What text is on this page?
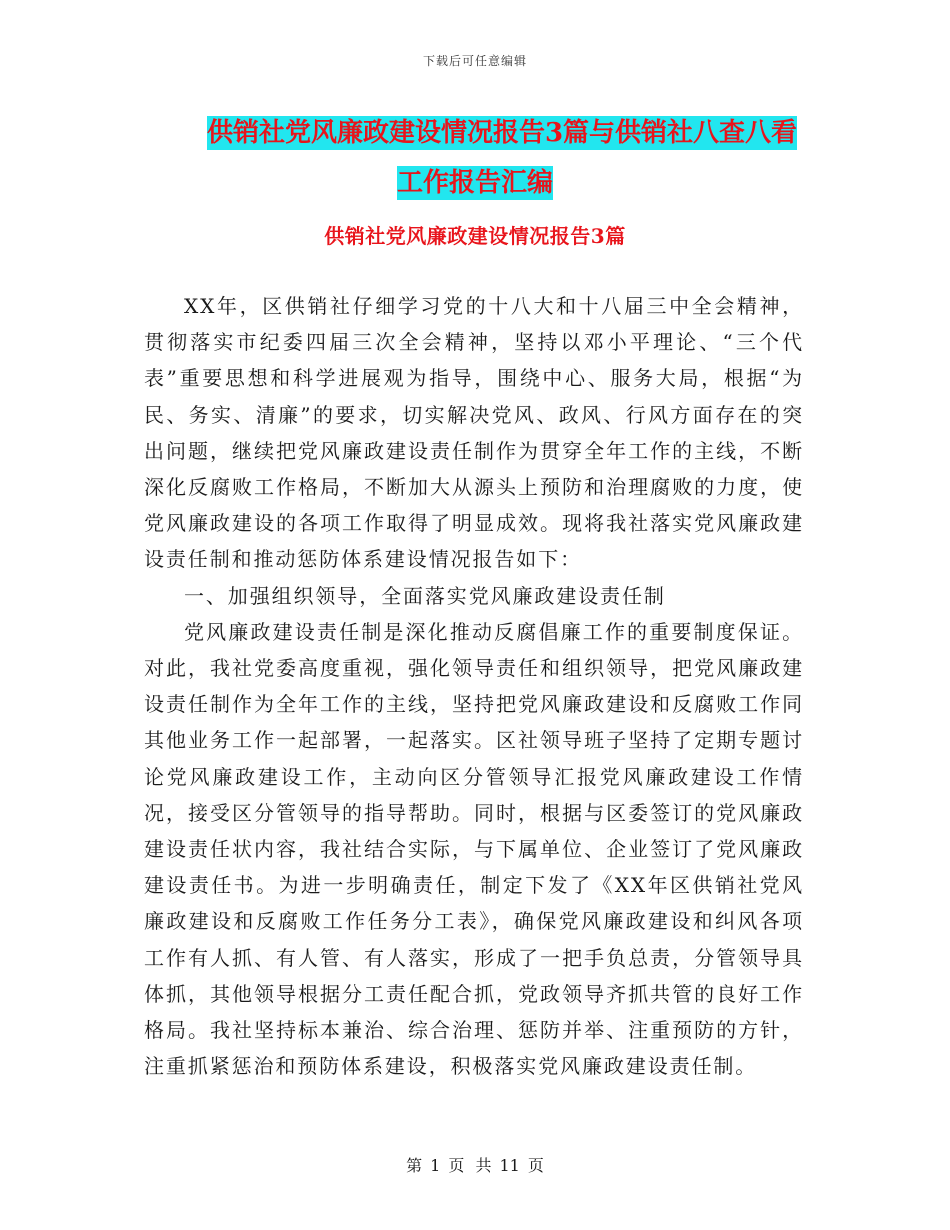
下载后可任意编辑
供销社党风廉政建设情况报告3篇与供销社八查八看
工作报告汇编
供销社党风廉政建设情况报告3篇

XX年，区供销社仔细学习党的十八大和十八届三中全会精神，贯彻落实市纪委四届三次全会精神，坚持以邓小平理论、“三个代表”重要思想和科学进展观为指导，围绕中心、服务大局，根据“为民、务实、清廉”的要求，切实解决党风、政风、行风方面存在的突出问题，继续把党风廉政建设责任制作为贯穿全年工作的主线，不断深化反腐败工作格局，不断加大从源头上预防和治理腐败的力度，使党风廉政建设的各项工作取得了明显成效。现将我社落实党风廉政建设责任制和推动惩防体系建设情况报告如下：

一、加强组织领导，全面落实党风廉政建设责任制

党风廉政建设责任制是深化推动反腐倡廉工作的重要制度保证。对此，我社党委高度重视，强化领导责任和组织领导，把党风廉政建设责任制作为全年工作的主线，坚持把党风廉政建设和反腐败工作同其他业务工作一起部署，一起落实。区社领导班子坚持了定期专题讨论党风廉政建设工作，主动向区分管领导汇报党风廉政建设工作情况，接受区分管领导的指导帮助。同时，根据与区委签订的党风廉政建设责任状内容，我社结合实际，与下属单位、企业签订了党风廉政建设责任书。为进一步明确责任，制定下发了《XX年区供销社党风廉政建设和反腐败工作任务分工表》，确保党风廉政建设和纠风各项工作有人抓、有人管、有人落实，形成了一把手负总责，分管领导具体抓，其他领导根据分工责任配合抓，党政领导齐抓共管的良好工作格局。我社坚持标本兼治、综合治理、惩防并举、注重预防的方针，注重抓紧惩治和预防体系建设，积极落实党风廉政建设责任制。

第 1 页 共 11 页
